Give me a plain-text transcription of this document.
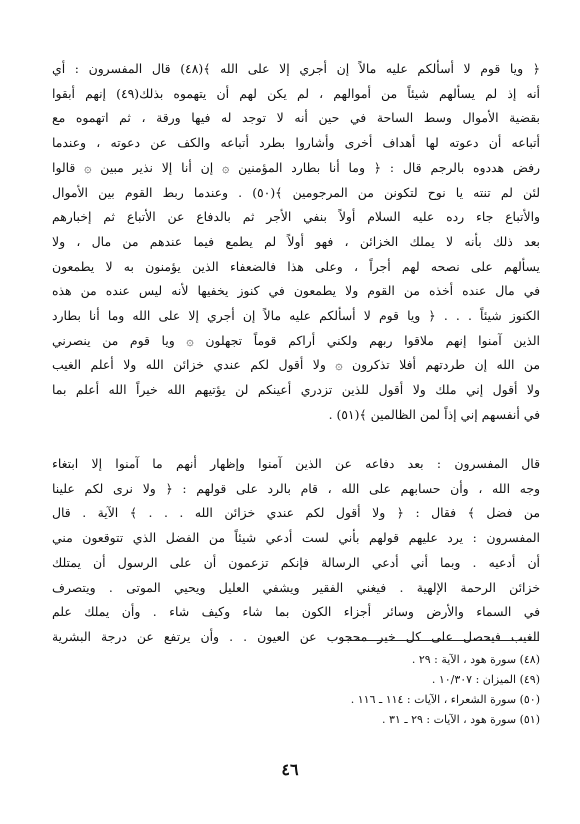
﴿ ويا قوم لا أسألكم عليه مالاً إن أجري إلا على الله ﴾(٤٨) قال المفسرون : أي
أنه إذ لم يسألهم شيئاً من أموالهم ، لم يكن لهم أن يتهموه بذلك(٤٩) إنهم أبقوا
بقضية الأموال وسط الساحة في حين أنه لا توجد له فيها ورقة ، ثم اتهموه مع
أتباعه أن دعوته لها أهداف أخرى وأشاروا بطرد أتباعه والكف عن دعوته ، وعندما
رفض هددوه بالرجم قال : ﴿ وما أنا بطارد المؤمنين ۞ إن أنا إلا نذير مبين ۞ قالوا
لئن لم تنته يا نوح لتكونن من المرجومين ﴾(٥٠) . وعندما ربط القوم بين الأموال
والأتباع جاء رده عليه السلام أولاً بنفي الأجر ثم بالدفاع عن الأتباع ثم إخبارهم
بعد ذلك بأنه لا يملك الخزائن ، فهو أولاً لم يطمع فيما عندهم من مال ، ولا
يسألهم على نصحه لهم أجراً ، وعلى هذا فالضعفاء الذين يؤمنون به لا يطمعون
في مال عنده أخذه من القوم ولا يطمعون في كنوز يخفيها لأنه ليس عنده من هذه
الكنوز شيئاً . . . ﴿ ويا قوم لا أسألكم عليه مالاً إن أجري إلا على الله وما أنا بطارد
الذين آمنوا إنهم ملاقوا ربهم ولكني أراكم قوماً تجهلون ۞ ويا قوم من ينصرني
من الله إن طردتهم أفلا تذكرون ۞ ولا أقول لكم عندي خزائن الله ولا أعلم الغيب
ولا أقول إني ملك ولا أقول للذين تزدري أعينكم لن يؤتيهم الله خيراً الله أعلم بما
في أنفسهم إني إذاً لمن الظالمين ﴾(٥١) .
قال المفسرون : بعد دفاعه عن الذين آمنوا وإظهار أنهم ما آمنوا إلا ابتغاء
وجه الله ، وأن حسابهم على الله ، قام بالرد على قولهم : ﴿ ولا نرى لكم علينا
من فضل ﴾ فقال : ﴿ ولا أقول لكم عندي خزائن الله . . . ﴾ الآية . قال
المفسرون : يرد عليهم قولهم بأني لست أدعي شيئاً من الفضل الذي تتوقعون مني
أن أدعيه . وبما أني أدعي الرسالة فإنكم تزعمون أن على الرسول أن يمتلك
خزائن الرحمة الإلهية . فيغني الفقير ويشفي العليل ويحيي الموتى . ويتصرف
في السماء والأرض وسائر أجزاء الكون بما شاء وكيف شاء . وأن يملك علم
الغيب فيحصل على كل خير محجوب عن العيون . . وأن يرتفع عن درجة البشرية
(٤٨) سورة هود ، الآية : ٢٩ .
(٤٩) الميزان : ١٠/٣٠٧ .
(٥٠) سورة الشعراء ، الآيات : ١١٤ ـ ١١٦ .
(٥١) سورة هود ، الآيات : ٢٩ ـ ٣١ .
٤٦
